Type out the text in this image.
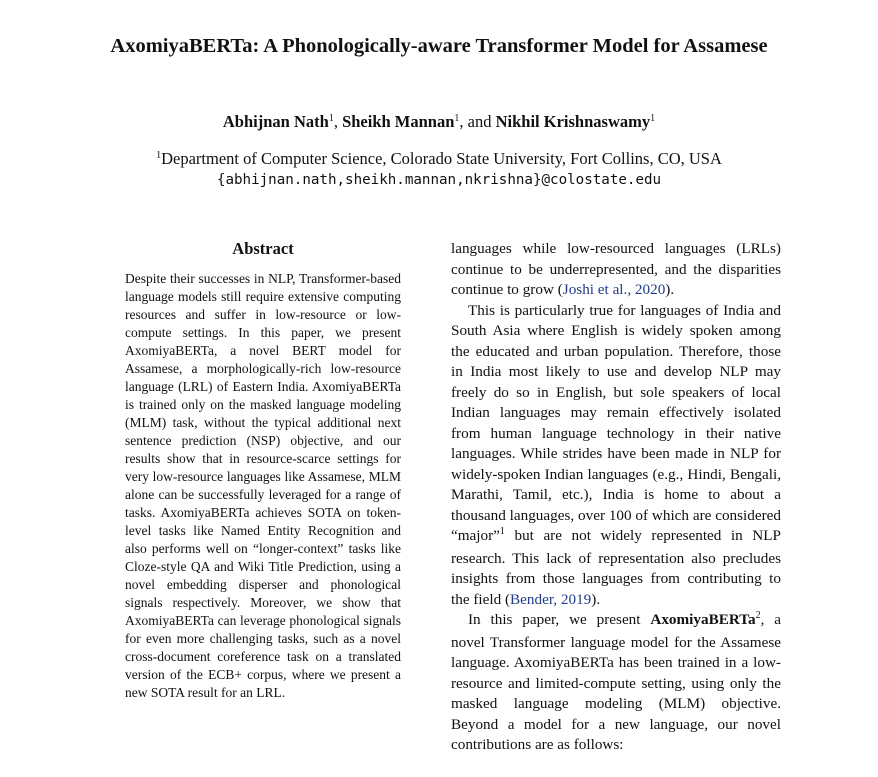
AxomiyaBERTa: A Phonologically-aware Transformer Model for Assamese
Abhijnan Nath$^1$, Sheikh Mannan$^1$, and Nikhil Krishnaswamy$^1$
$^1$Department of Computer Science, Colorado State University, Fort Collins, CO, USA
{abhijnan.nath,sheikh.mannan,nkrishna}@colostate.edu
Abstract
Despite their successes in NLP, Transformer-based language models still require extensive computing resources and suffer in low-resource or low-compute settings. In this paper, we present AxomiyaBERTa, a novel BERT model for Assamese, a morphologically-rich low-resource language (LRL) of Eastern India. AxomiyaBERTa is trained only on the masked language modeling (MLM) task, without the typical additional next sentence prediction (NSP) objective, and our results show that in resource-scarce settings for very low-resource languages like Assamese, MLM alone can be successfully leveraged for a range of tasks. AxomiyaBERTa achieves SOTA on token-level tasks like Named Entity Recognition and also performs well on “longer-context” tasks like Cloze-style QA and Wiki Title Prediction, using a novel embedding disperser and phonological signals respectively. Moreover, we show that AxomiyaBERTa can leverage phonological signals for even more challenging tasks, such as a novel cross-document coreference task on a translated version of the ECB+ corpus, where we present a new SOTA result for an LRL.

languages while low-resourced languages (LRLs) continue to be underrepresented, and the disparities continue to grow (Joshi et al., 2020).

This is particularly true for languages of India and South Asia where English is widely spoken among the educated and urban population. Therefore, those in India most likely to use and develop NLP may freely do so in English, but sole speakers of local Indian languages may remain effectively isolated from human language technology in their native languages. While strides have been made in NLP for widely-spoken Indian languages (e.g., Hindi, Bengali, Marathi, Tamil, etc.), India is home to about a thousand languages, over 100 of which are considered “major”$^1$ but are not widely represented in NLP research. This lack of representation also precludes insights from those languages from contributing to the field (Bender, 2019).

In this paper, we present AxomiyaBERTa$^2$, a novel Transformer language model for the Assamese language. AxomiyaBERTa has been trained in a low-resource and limited-compute setting, using only the masked language modeling (MLM) objective. Beyond a model for a new language, our novel contributions are as follows:
